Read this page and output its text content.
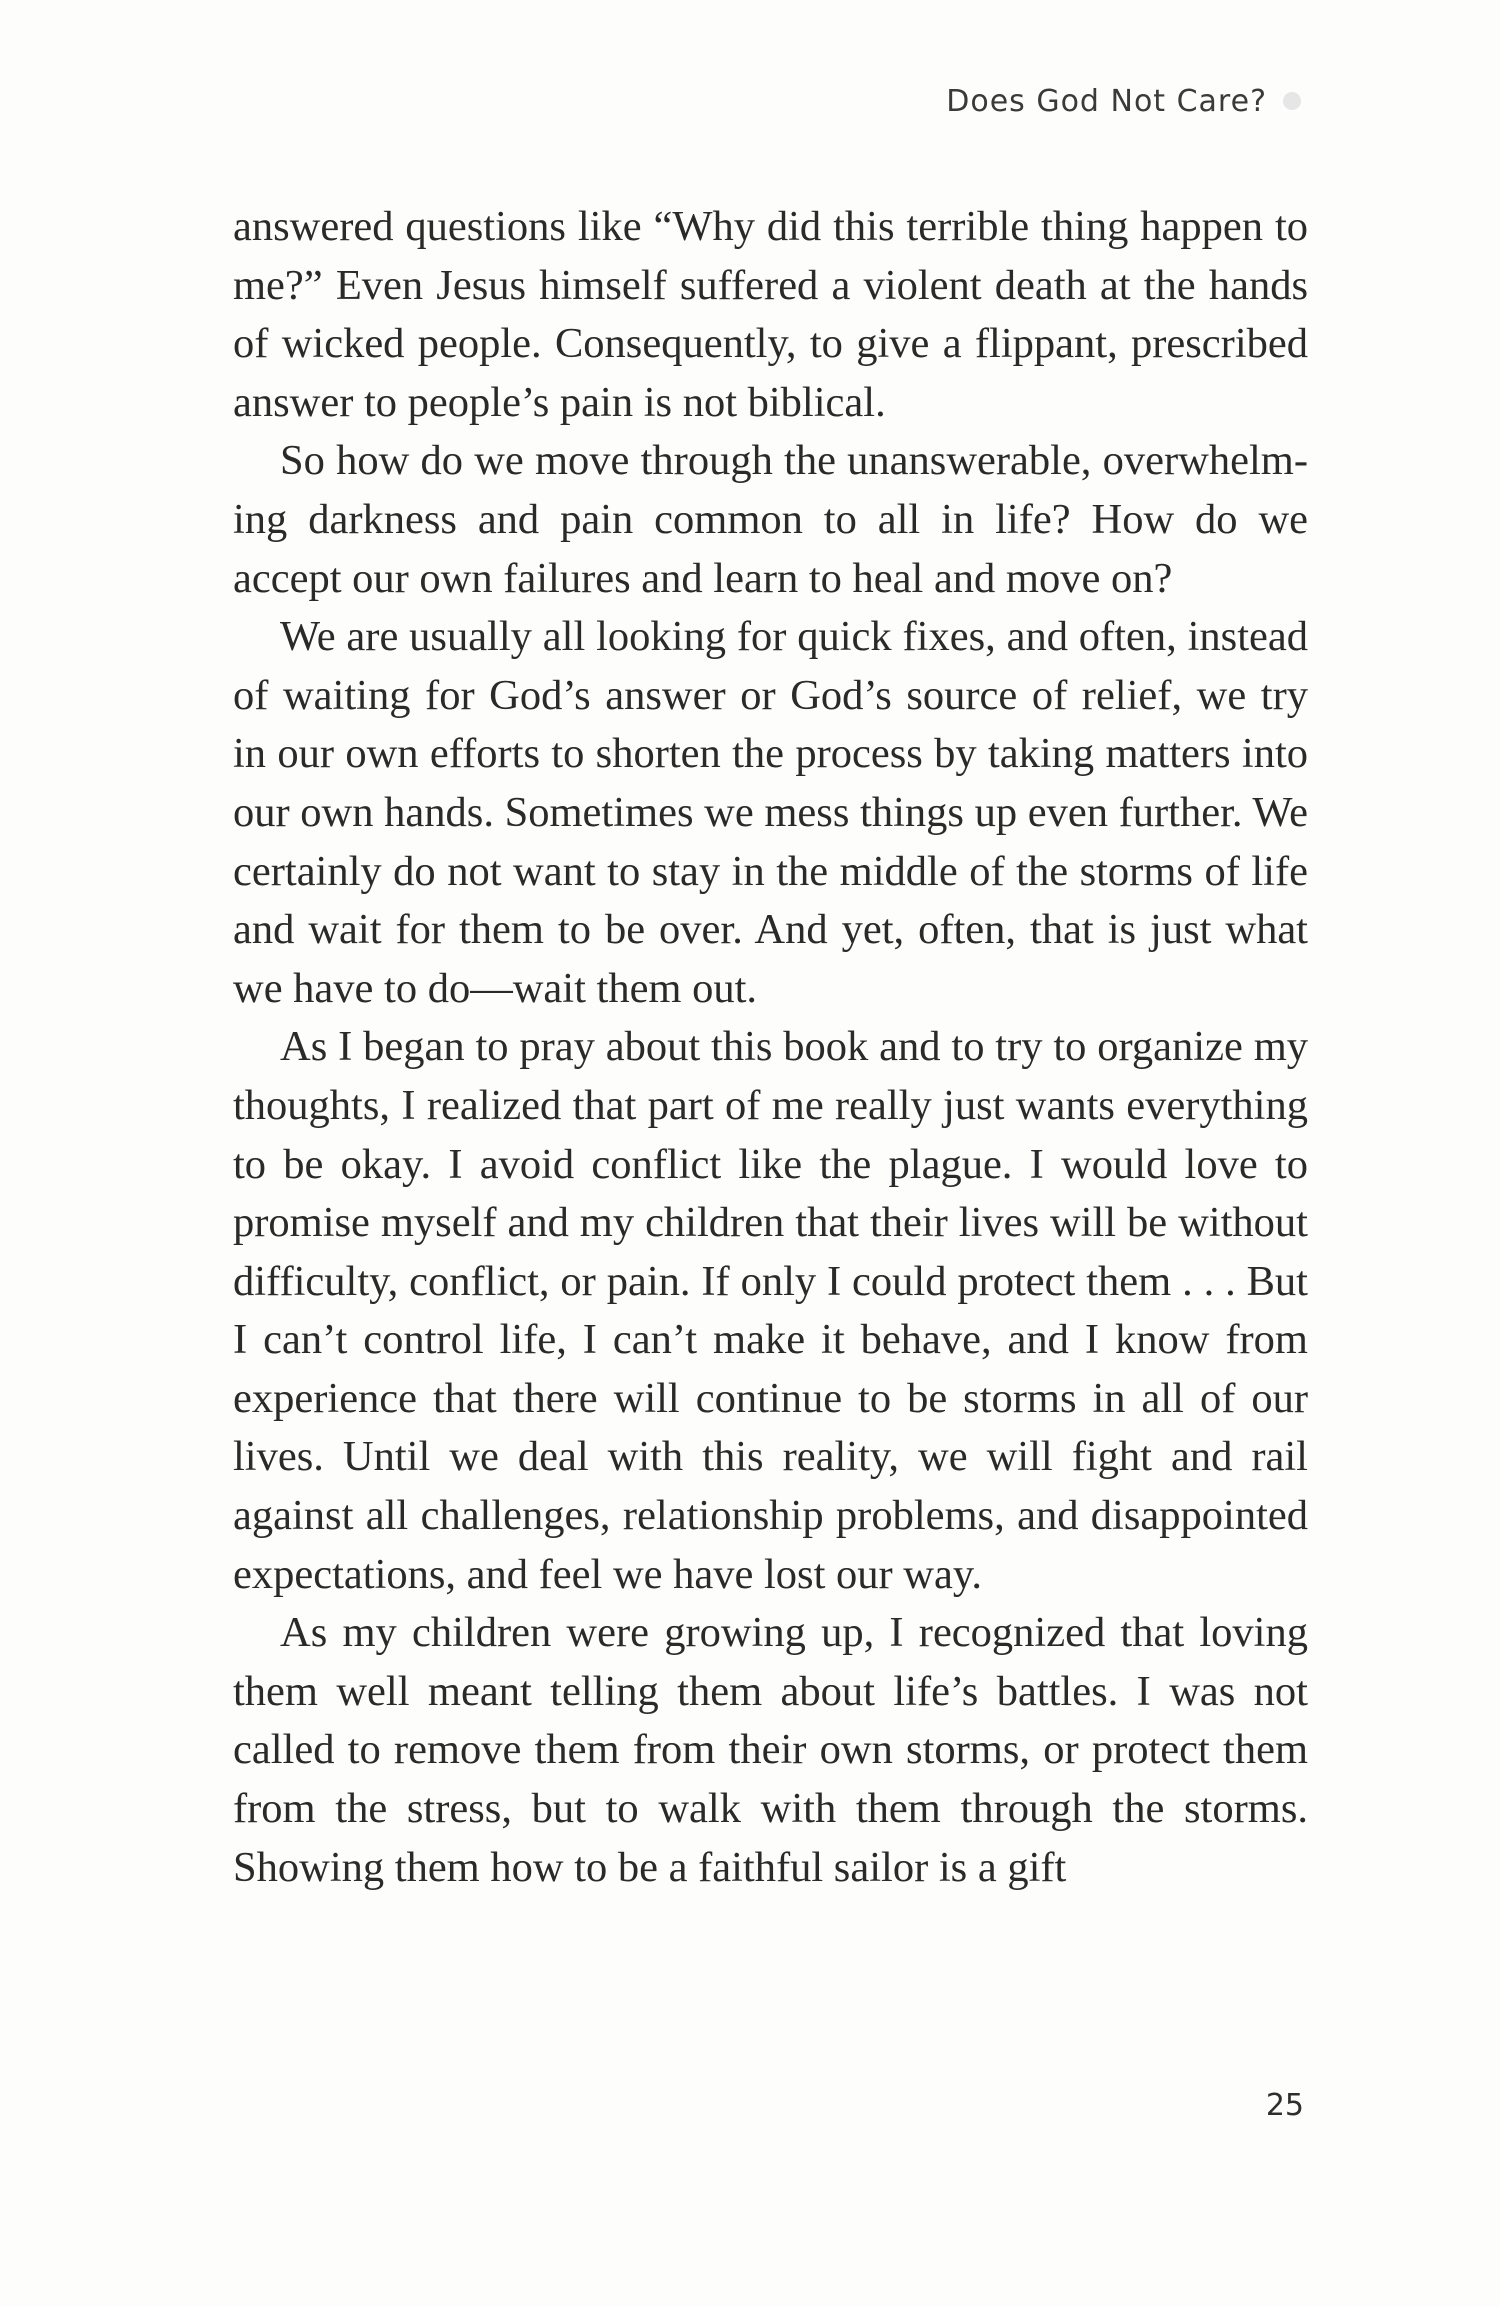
Does God Not Care?

answered questions like “Why did this terrible thing happen to me?” Even Jesus himself suffered a violent death at the hands of wicked people. Consequently, to give a flippant, prescribed answer to people’s pain is not biblical.

So how do we move through the unanswerable, overwhelming darkness and pain common to all in life? How do we accept our own failures and learn to heal and move on?

We are usually all looking for quick fixes, and often, instead of waiting for God’s answer or God’s source of relief, we try in our own efforts to shorten the process by taking matters into our own hands. Sometimes we mess things up even further. We certainly do not want to stay in the middle of the storms of life and wait for them to be over. And yet, often, that is just what we have to do—wait them out.

As I began to pray about this book and to try to organize my thoughts, I realized that part of me really just wants everything to be okay. I avoid conflict like the plague. I would love to promise myself and my children that their lives will be without difficulty, conflict, or pain. If only I could protect them . . . But I can’t control life, I can’t make it behave, and I know from experience that there will continue to be storms in all of our lives. Until we deal with this reality, we will fight and rail against all challenges, relationship problems, and disappointed expectations, and feel we have lost our way.

As my children were growing up, I recognized that loving them well meant telling them about life’s battles. I was not called to remove them from their own storms, or protect them from the stress, but to walk with them through the storms. Showing them how to be a faithful sailor is a gift

25
